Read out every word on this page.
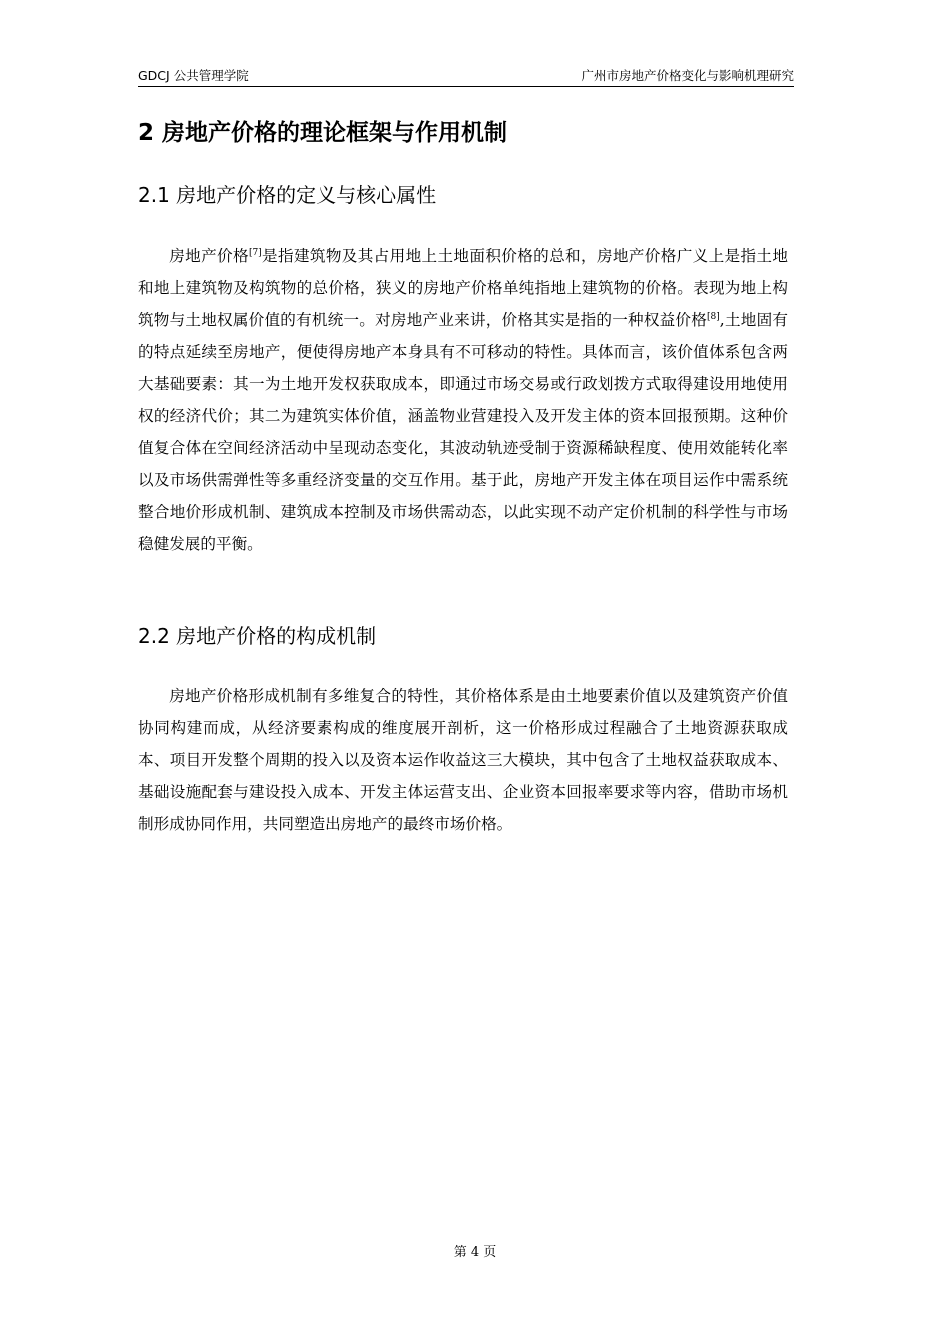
GDCJ 公共管理学院	广州市房地产价格变化与影响机理研究
2 房地产价格的理论框架与作用机制
2.1 房地产价格的定义与核心属性

房地产价格[7]是指建筑物及其占用地上土地面积价格的总和，房地产价格广义上是指土地和地上建筑物及构筑物的总价格，狭义的房地产价格单纯指地上建筑物的价格。表现为地上构筑物与土地权属价值的有机统一。对房地产业来讲，价格其实是指的一种权益价格[8],土地固有的特点延续至房地产，便使得房地产本身具有不可移动的特性。具体而言，该价值体系包含两大基础要素：其一为土地开发权获取成本，即通过市场交易或行政划拨方式取得建设用地使用权的经济代价；其二为建筑实体价值，涵盖物业营建投入及开发主体的资本回报预期。这种价值复合体在空间经济活动中呈现动态变化，其波动轨迹受制于资源稀缺程度、使用效能转化率以及市场供需弹性等多重经济变量的交互作用。基于此，房地产开发主体在项目运作中需系统整合地价形成机制、建筑成本控制及市场供需动态，以此实现不动产定价机制的科学性与市场稳健发展的平衡。

2.2 房地产价格的构成机制

房地产价格形成机制有多维复合的特性，其价格体系是由土地要素价值以及建筑资产价值协同构建而成，从经济要素构成的维度展开剖析，这一价格形成过程融合了土地资源获取成本、项目开发整个周期的投入以及资本运作收益这三大模块，其中包含了土地权益获取成本、基础设施配套与建设投入成本、开发主体运营支出、企业资本回报率要求等内容，借助市场机制形成协同作用，共同塑造出房地产的最终市场价格。

第 4 页
